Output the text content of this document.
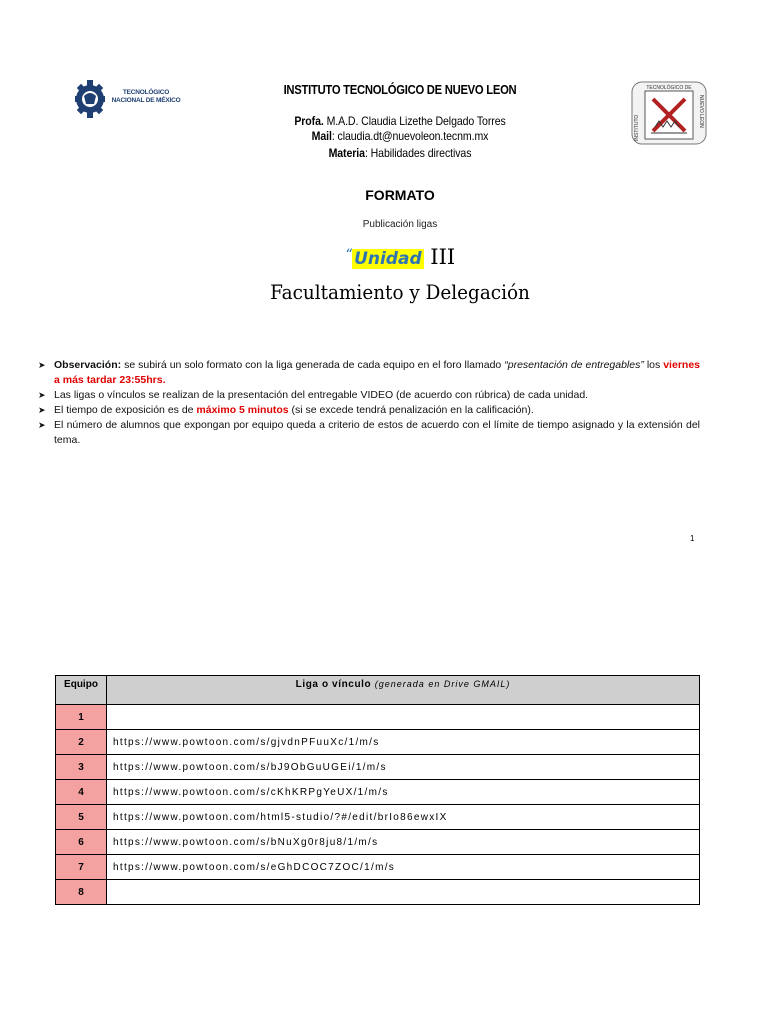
TECNOLÓGICO
NACIONAL DE MÉXICO
TECNOLÓGICO DE
INSTITUTO
NUEVO LEON
INSTITUTO TECNOLÓGICO DE NUEVO LEON
Profa. M.A.D. Claudia Lizethe Delgado Torres
Mail: claudia.dt@nuevoleon.tecnm.mx
Materia: Habilidades directivas
FORMATO
Publicación ligas
“ Unidad III
Facultamiento y Delegación
➤ Observación: se subirá un solo formato con la liga generada de cada equipo en el foro llamado “presentación de entregables” los viernes a más tardar 23:55hrs.
➤ Las ligas o vínculos se realizan de la presentación del entregable VIDEO (de acuerdo con rúbrica) de cada unidad.
➤ El tiempo de exposición es de máximo 5 minutos (si se excede tendrá penalización en la calificación).
➤ El número de alumnos que expongan por equipo queda a criterio de estos de acuerdo con el límite de tiempo asignado y la extensión del tema.
1
Equipo	Liga o vínculo (generada en Drive GMAIL)
1	
2	https://www.powtoon.com/s/gjvdnPFuuXc/1/m/s
3	https://www.powtoon.com/s/bJ9ObGuUGEi/1/m/s
4	https://www.powtoon.com/s/cKhKRPgYeUX/1/m/s
5	https://www.powtoon.com/html5-studio/?#/edit/brIo86ewxIX
6	https://www.powtoon.com/s/bNuXg0r8ju8/1/m/s
7	https://www.powtoon.com/s/eGhDCOC7ZOC/1/m/s
8	
